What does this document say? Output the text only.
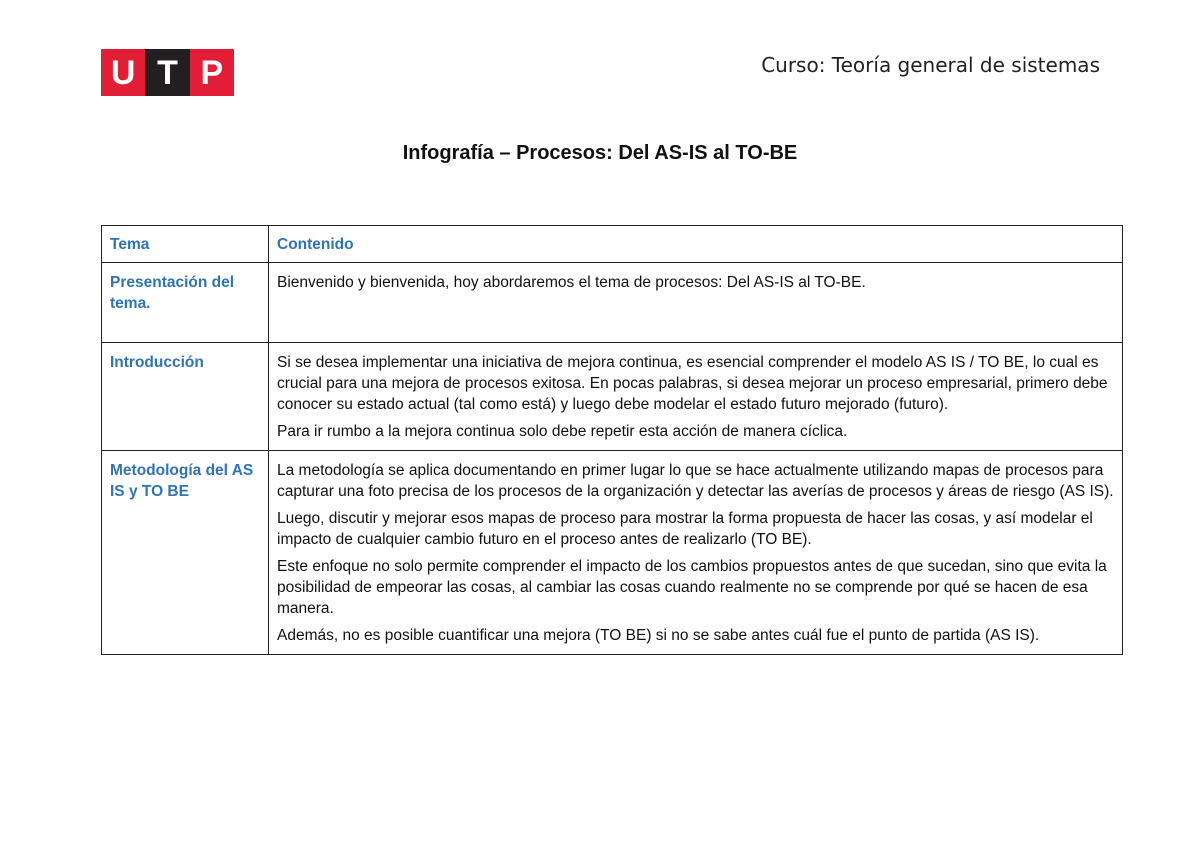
U T P	Curso: Teoría general de sistemas
Infografía – Procesos: Del AS-IS al TO-BE
Tema	Contenido
Presentación del tema.	Bienvenido y bienvenida, hoy abordaremos el tema de procesos: Del AS-IS al TO-BE.

Introducción	Si se desea implementar una iniciativa de mejora continua, es esencial comprender el modelo AS IS / TO BE, lo cual es crucial para una mejora de procesos exitosa. En pocas palabras, si desea mejorar un proceso empresarial, primero debe conocer su estado actual (tal como está) y luego debe modelar el estado futuro mejorado (futuro).

Para ir rumbo a la mejora continua solo debe repetir esta acción de manera cíclica.

Metodología del AS IS y TO BE	La metodología se aplica documentando en primer lugar lo que se hace actualmente utilizando mapas de procesos para capturar una foto precisa de los procesos de la organización y detectar las averías de procesos y áreas de riesgo (AS IS).

Luego, discutir y mejorar esos mapas de proceso para mostrar la forma propuesta de hacer las cosas, y así modelar el impacto de cualquier cambio futuro en el proceso antes de realizarlo (TO BE).

Este enfoque no solo permite comprender el impacto de los cambios propuestos antes de que sucedan, sino que evita la posibilidad de empeorar las cosas, al cambiar las cosas cuando realmente no se comprende por qué se hacen de esa manera.

Además, no es posible cuantificar una mejora (TO BE) si no se sabe antes cuál fue el punto de partida (AS IS).
